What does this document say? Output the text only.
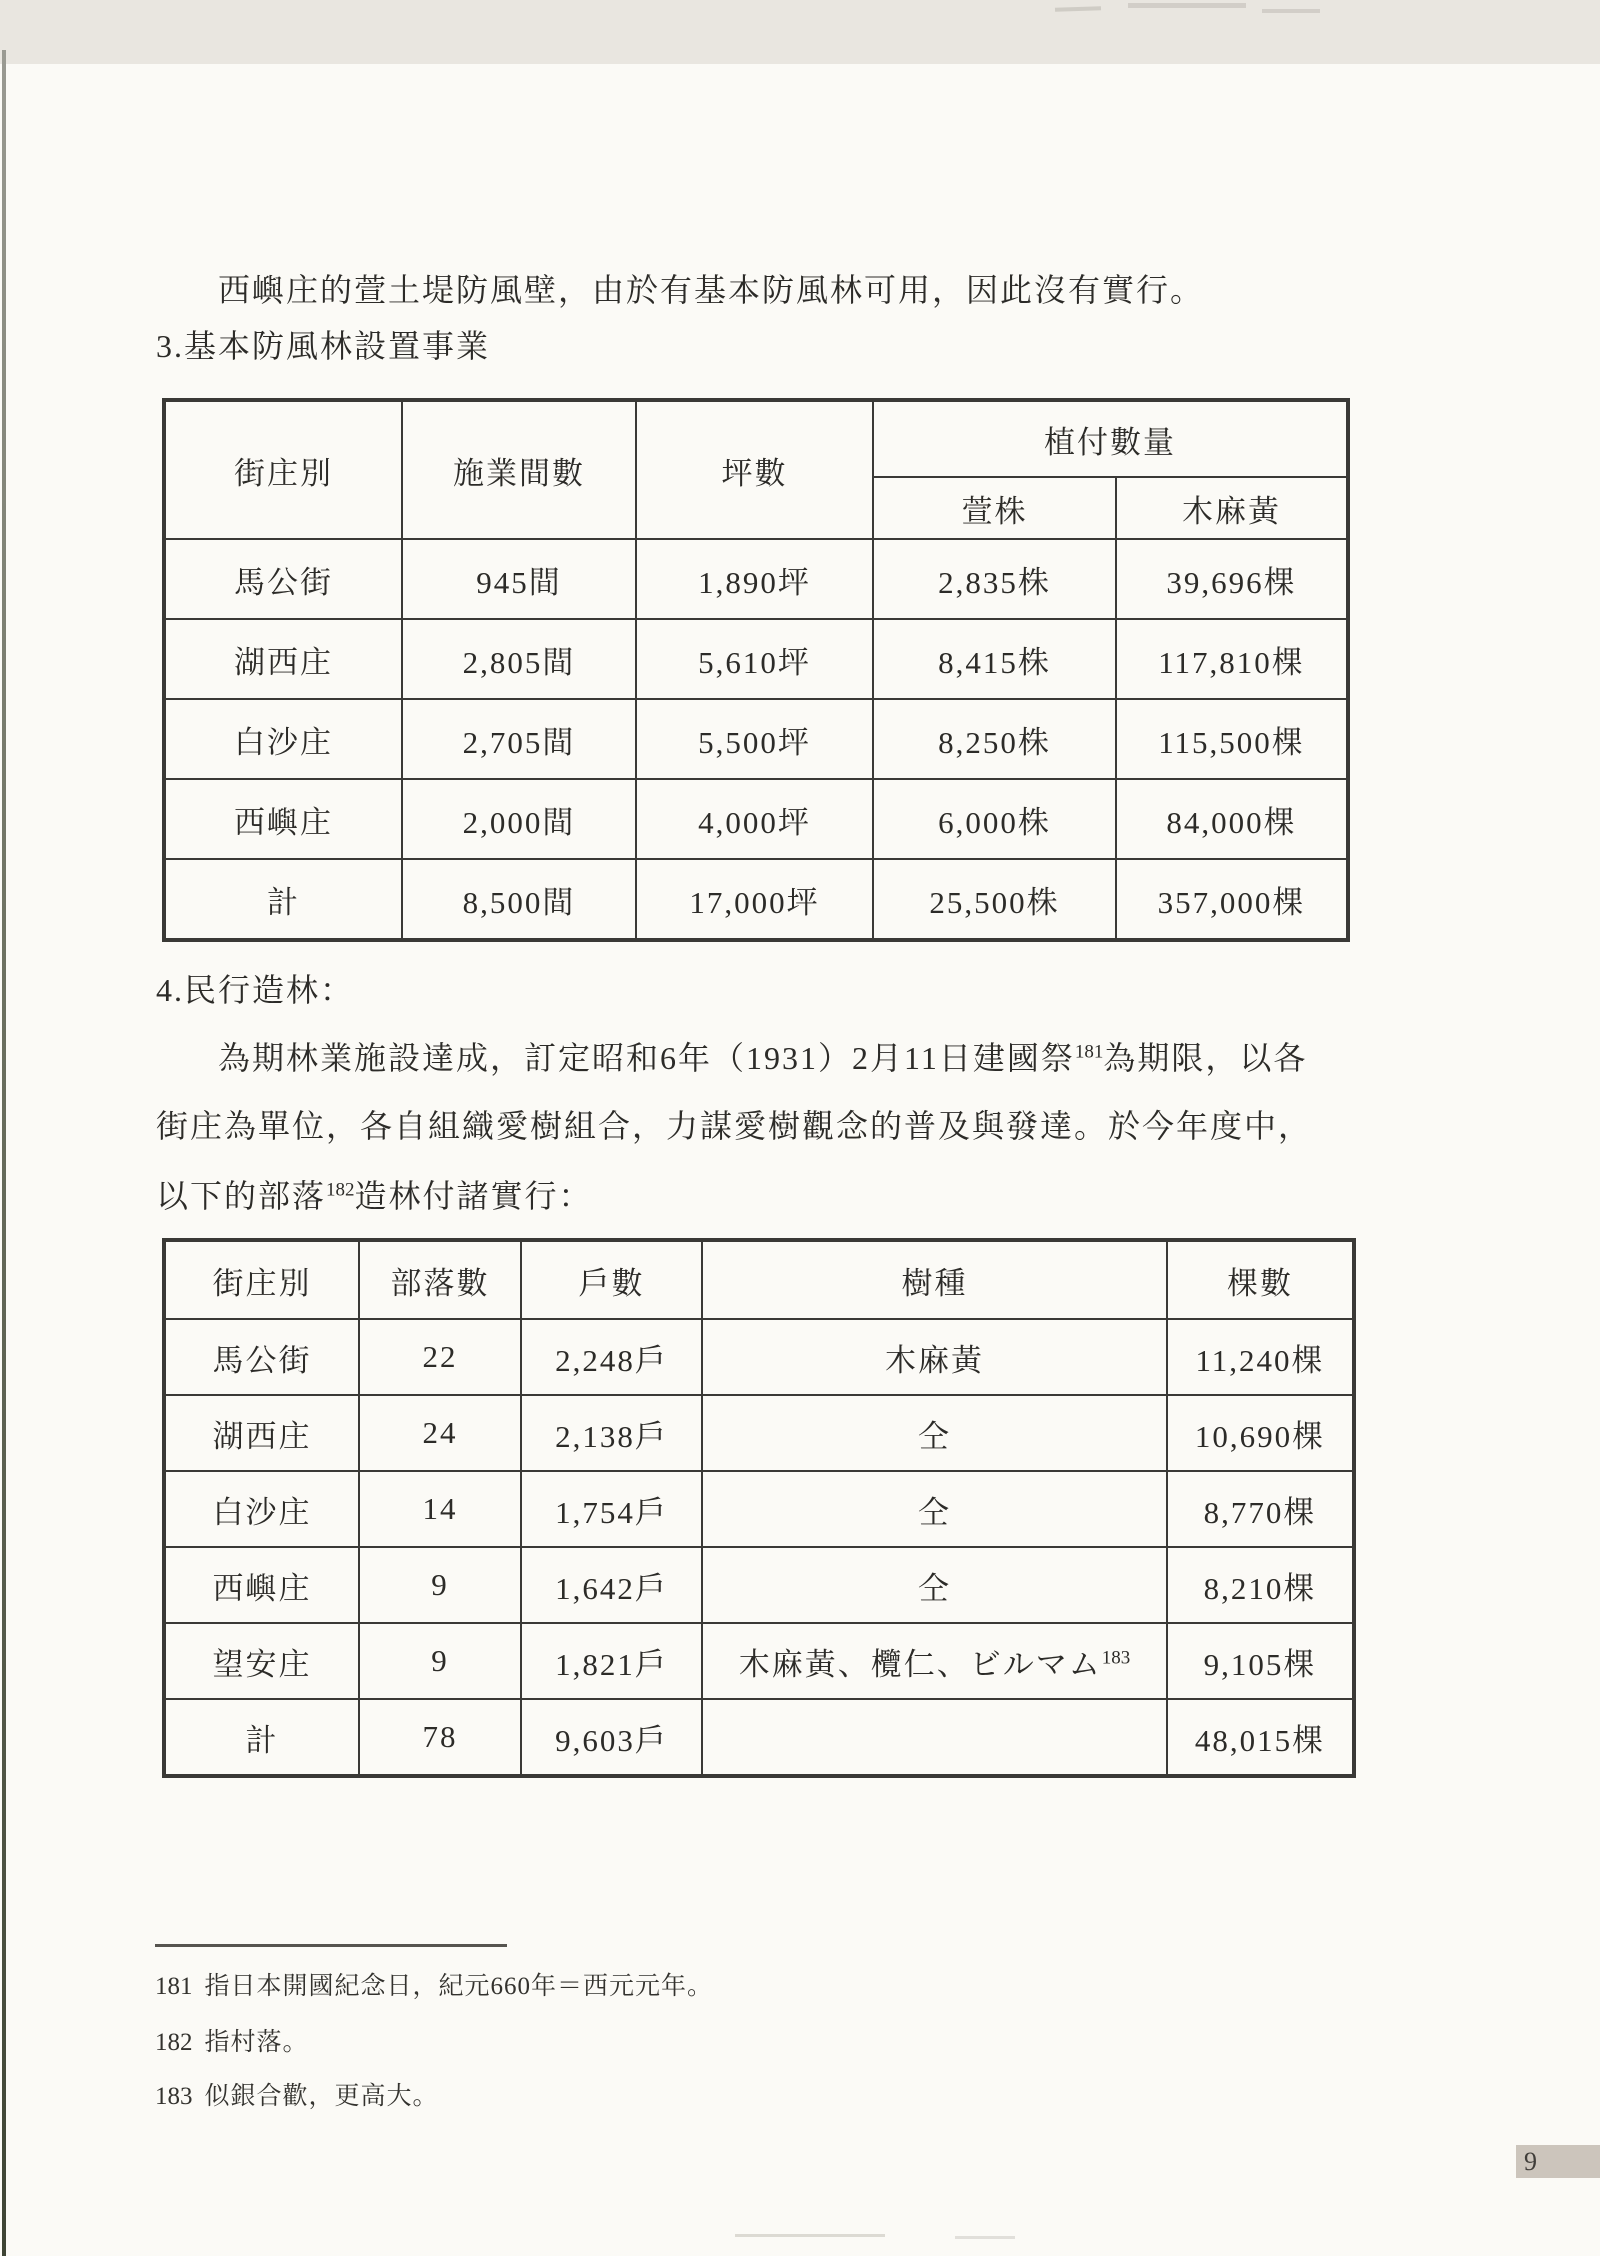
西嶼庄的萱土堤防風壁，由於有基本防風林可用，因此沒有實行。
3.基本防風林設置事業
街庄別	施業間數	坪數	植付數量	
			萱株	木麻黃
馬公街	945間	1,890坪	2,835株	39,696棵
湖西庄	2,805間	5,610坪	8,415株	117,810棵
白沙庄	2,705間	5,500坪	8,250株	115,500棵
西嶼庄	2,000間	4,000坪	6,000株	84,000棵
計	8,500間	17,000坪	25,500株	357,000棵
4.民行造林：
為期林業施設達成，訂定昭和6年（1931）2月11日建國祭$^{181}$為期限，以各
街庄為單位，各自組織愛樹組合，力謀愛樹觀念的普及與發達。於今年度中，
以下的部落$^{182}$造林付諸實行：
街庄別	部落數	戶數	樹種	棵數
馬公街	22	2,248戶	木麻黃	11,240棵
湖西庄	24	2,138戶	仝	10,690棵
白沙庄	14	1,754戶	仝	8,770棵
西嶼庄	9	1,642戶	仝	8,210棵
望安庄	9	1,821戶	木麻黃、欖仁、ビルマム$^{183}$	9,105棵
計	78	9,603戶		48,015棵
181 指日本開國紀念日，紀元660年＝西元元年。
182 指村落。
183 似銀合歡，更高大。
9
